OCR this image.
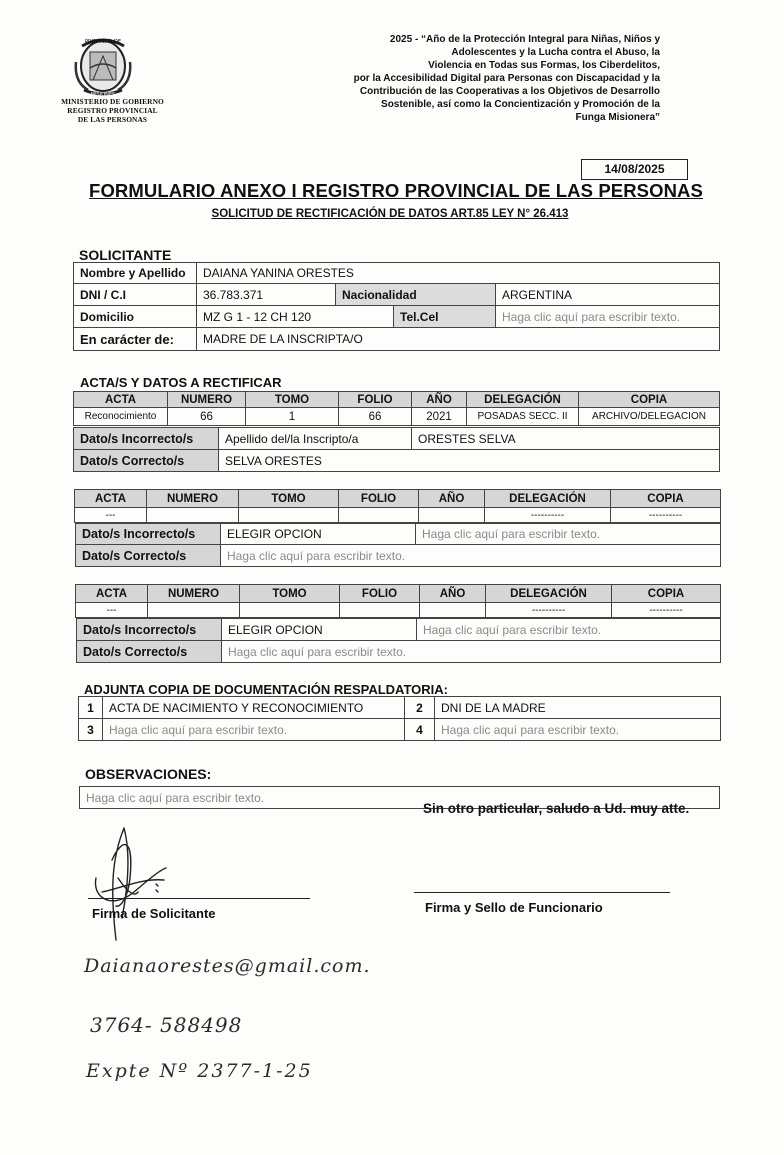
PROVINCIA DE
MISIONES
MINISTERIO DE GOBIERNO
REGISTRO PROVINCIAL
DE LAS PERSONAS
2025 - “Año de la Protección Integral para Niñas, Niños y
Adolescentes y la Lucha contra el Abuso, la
Violencia en Todas sus Formas, los Ciberdelitos,
por la Accesibilidad Digital para Personas con Discapacidad y la
Contribución de las Cooperativas a los Objetivos de Desarrollo
Sostenible, así como la Concientización y Promoción de la
Funga Misionera”
14/08/2025
FORMULARIO ANEXO I REGISTRO PROVINCIAL DE LAS PERSONAS
SOLICITUD DE RECTIFICACIÓN DE DATOS ART.85 LEY N° 26.413
SOLICITANTE
Nombre y Apellido	DAIANA YANINA ORESTES			
DNI / C.I	36.783.371	Nacionalidad		ARGENTINA
Domicilio	MZ G 1 - 12 CH 120		Tel.Cel	Haga clic aquí para escribir texto.
En carácter de:	MADRE DE LA INSCRIPTA/O			
ACTA/S Y DATOS A RECTIFICAR
ACTA	NUMERO	TOMO	FOLIO	AÑO	DELEGACIÓN	COPIA
Reconocimiento	66	1	66	2021	POSADAS SECC. II	ARCHIVO/DELEGACION
Dato/s Incorrecto/s	Apellido del/la Inscripto/a	ORESTES SELVA
Dato/s Correcto/s	SELVA ORESTES	
ACTA	NUMERO	TOMO	FOLIO	AÑO	DELEGACIÓN	COPIA
---					----------	----------
Dato/s Incorrecto/s	ELEGIR OPCION	Haga clic aquí para escribir texto.
Dato/s Correcto/s	Haga clic aquí para escribir texto.	
ACTA	NUMERO	TOMO	FOLIO	AÑO	DELEGACIÓN	COPIA
---					----------	----------
Dato/s Incorrecto/s	ELEGIR OPCION	Haga clic aquí para escribir texto.
Dato/s Correcto/s	Haga clic aquí para escribir texto.	
ADJUNTA COPIA DE DOCUMENTACIÓN RESPALDATORIA:
1	ACTA DE NACIMIENTO Y RECONOCIMIENTO	2	DNI DE LA MADRE
3	Haga clic aquí para escribir texto.	4	Haga clic aquí para escribir texto.
OBSERVACIONES:
Haga clic aquí para escribir texto.
Sin otro particular, saludo a Ud. muy atte.
Firma de Solicitante	Firma y Sello de Funcionario
Daianaorestes@gmail.com.
3764- 588498
Expte Nº 2377-1-25
